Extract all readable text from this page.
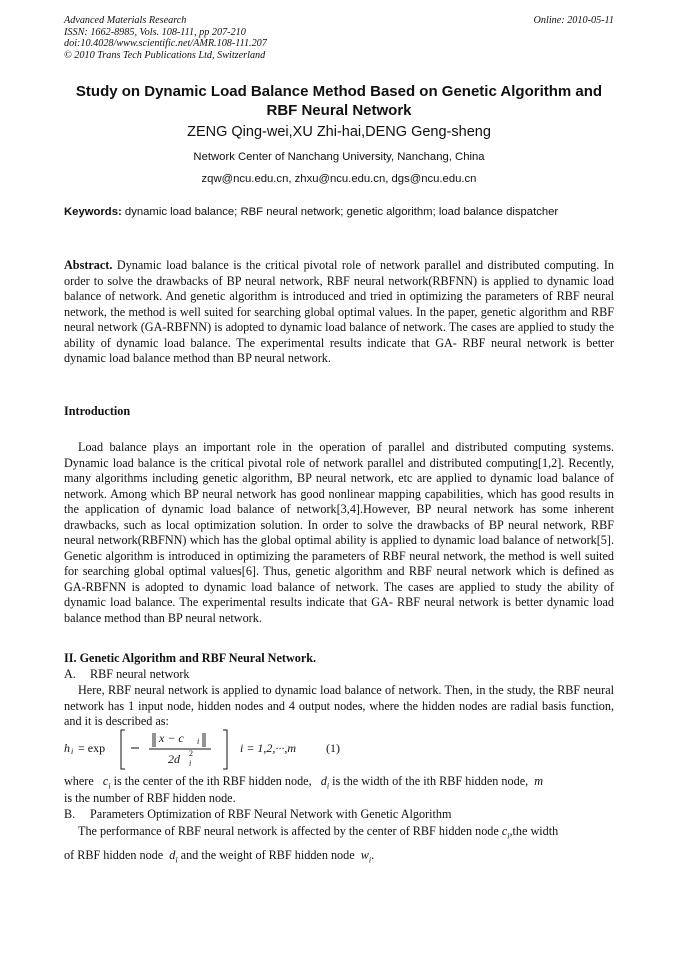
Advanced Materials Research
ISSN: 1662-8985, Vols. 108-111, pp 207-210
doi:10.4028/www.scientific.net/AMR.108-111.207
© 2010 Trans Tech Publications Ltd, Switzerland
Online: 2010-05-11
Study on Dynamic Load Balance Method Based on Genetic Algorithm and RBF Neural Network
ZENG Qing-wei,XU Zhi-hai,DENG Geng-sheng
Network Center of Nanchang University, Nanchang, China
zqw@ncu.edu.cn, zhxu@ncu.edu.cn, dgs@ncu.edu.cn
Keywords: dynamic load balance; RBF neural network; genetic algorithm; load balance dispatcher
Abstract. Dynamic load balance is the critical pivotal role of network parallel and distributed computing. In order to solve the drawbacks of BP neural network, RBF neural network(RBFNN) is applied to dynamic load balance of network. And genetic algorithm is introduced and tried in optimizing the parameters of RBF neural network, the method is well suited for searching global optimal values. In the paper, genetic algorithm and RBF neural network (GA-RBFNN) is adopted to dynamic load balance of network. The cases are applied to study the ability of dynamic load balance. The experimental results indicate that GA- RBF neural network is better dynamic load balance method than BP neural network.
Introduction
Load balance plays an important role in the operation of parallel and distributed computing systems. Dynamic load balance is the critical pivotal role of network parallel and distributed computing[1,2]. Recently, many algorithms including genetic algorithm, BP neural network, etc are applied to dynamic load balance of network. Among which BP neural network has good nonlinear mapping capabilities, which has good results in the application of dynamic load balance of network[3,4].However, BP neural network has some inherent drawbacks, such as local optimization solution. In order to solve the drawbacks of BP neural network, RBF neural network(RBFNN) which has the global optimal ability is applied to dynamic load balance of network[5]. Genetic algorithm is introduced in optimizing the parameters of RBF neural network, the method is well suited for searching global optimal values[6]. Thus, genetic algorithm and RBF neural network which is defined as GA-RBFNN is adopted to dynamic load balance of network. The cases are applied to study the ability of dynamic load balance. The experimental results indicate that GA- RBF neural network is better dynamic load balance method than BP neural network.
II. Genetic Algorithm and RBF Neural Network.
A. RBF neural network
Here, RBF neural network is applied to dynamic load balance of network. Then, in the study, the RBF neural network has 1 input node, hidden nodes and 4 output nodes, where the hidden nodes are radial basis function, and it is described as:
h i = exp
x − c i
2d 2
i
i = 1,2,···,m (1)
where $c_i$ is the center of the ith RBF hidden node, $d_i$ is the width of the ith RBF hidden node, m
is the number of RBF hidden node.
B. Parameters Optimization of RBF Neural Network with Genetic Algorithm
The performance of RBF neural network is affected by the center of RBF hidden node $c_i,the$ width
of RBF hidden node $d_i$ and the weight of RBF hidden node $w_i$.
